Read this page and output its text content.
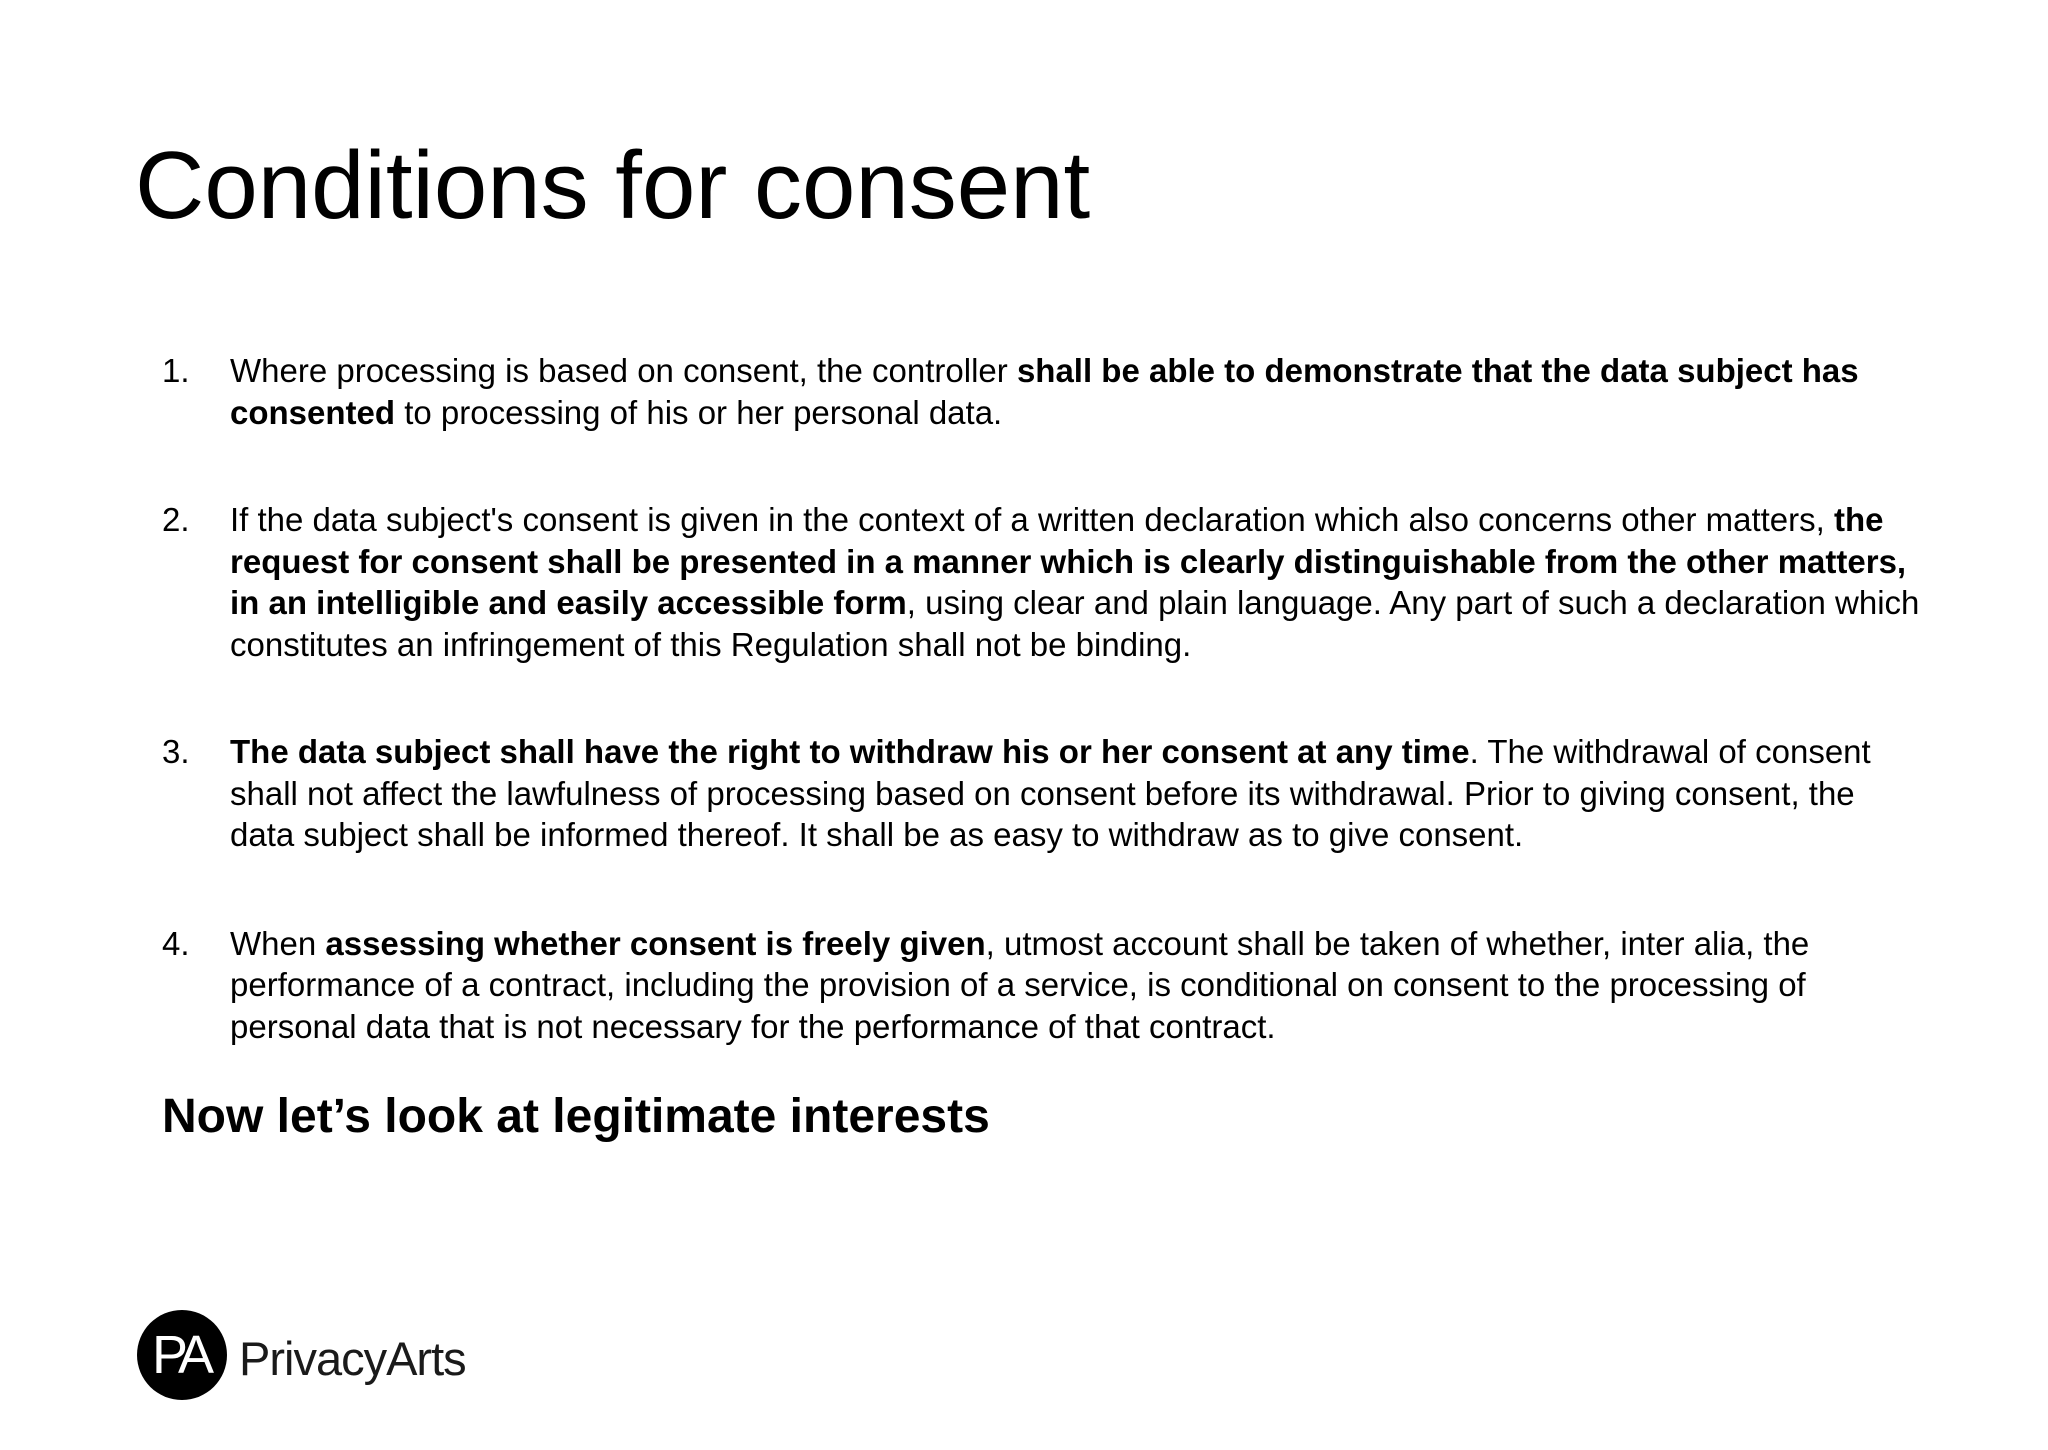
Conditions for consent

1. Where processing is based on consent, the controller shall be able to demonstrate that the data subject has consented to processing of his or her personal data.

2. If the data subject's consent is given in the context of a written declaration which also concerns other matters, the request for consent shall be presented in a manner which is clearly distinguishable from the other matters, in an intelligible and easily accessible form, using clear and plain language. Any part of such a declaration which constitutes an infringement of this Regulation shall not be binding.

3. The data subject shall have the right to withdraw his or her consent at any time. The withdrawal of consent shall not affect the lawfulness of processing based on consent before its withdrawal. Prior to giving consent, the data subject shall be informed thereof. It shall be as easy to withdraw as to give consent.

4. When assessing whether consent is freely given, utmost account shall be taken of whether, inter alia, the performance of a contract, including the provision of a service, is conditional on consent to the processing of personal data that is not necessary for the performance of that contract.

Now let’s look at legitimate interests
PA PrivacyArts
